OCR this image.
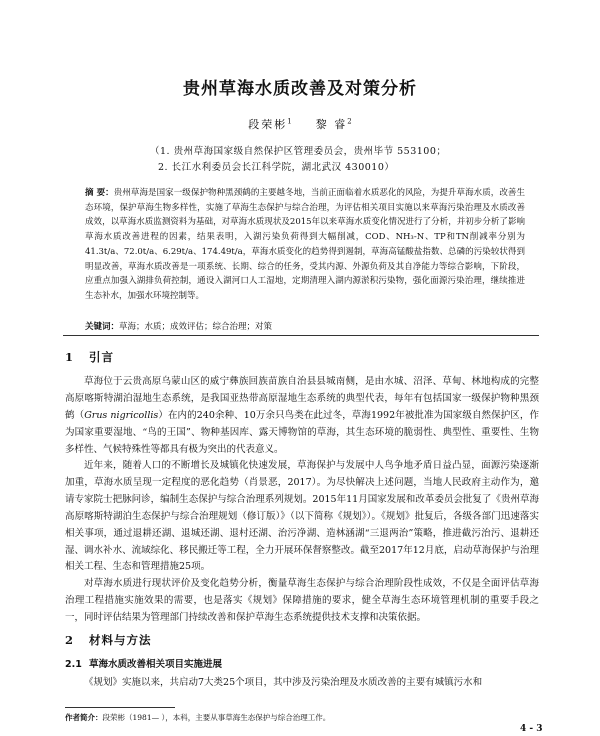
贵州草海水质改善及对策分析
段荣彬$^1$ 黎 睿$^2$
（1. 贵州草海国家级自然保护区管理委员会，贵州毕节 553100；
2. 长江水利委员会长江科学院，湖北武汉 430010）
摘 要：贵州草海是国家一级保护物种黑颈鹤的主要越冬地，当前正面临着水质恶化的风险，为提升草海水质，改善生态环境，保护草海生物多样性，实施了草海生态保护与综合治理，为评估相关项目实施以来草海污染治理及水质改善成效，以草海水质监测资料为基础，对草海水质现状及2015年以来草海水质变化情况进行了分析，并初步分析了影响草海水质改善进程的因素，结果表明，入湖污染负荷得到大幅削减，COD、NH₃-N、TP和TN削减率分别为41.3t/a、72.0t/a、6.29t/a、174.49t/a，草海水质变化的趋势得到遏制，草海高锰酸盐指数、总磷的污染较状得到明显改善，草海水质改善是一项系统、长期、综合的任务，受其内源、外源负荷及其自净能力等综合影响，下阶段，应重点加强入湖排负荷控制，通设入湖河口人工湿地，定期清理入湖内源淤积污染物，强化面源污染治理，继续推进生态补水，加强水环境控制等。
关键词：草海；水质；成效评估；综合治理；对策
1 引言
草海位于云贵高原乌蒙山区的威宁彝族回族苗族自治县县城南侧，是由水城、沼泽、草甸、林地构成的完整高原喀斯特湖泊湿地生态系统，是我国亚热带高原湿地生态系统的典型代表，每年有包括国家一级保护物种黑颈鹤（Grus nigricollis）在内的240余种、10万余只鸟类在此过冬，草海1992年被批准为国家级自然保护区，作为国家重要湿地、“鸟的王国”、物种基因库、露天博物馆的草海，其生态环境的脆弱性、典型性、重要性、生物多样性、气候特殊性等都具有极为突出的代表意义。
近年来，随着人口的不断增长及城镇化快速发展，草海保护与发展中人鸟争地矛盾日益凸显，面源污染逐渐加重，草海水质呈现一定程度的恶化趋势（肖景恶，2017）。为尽快解决上述问题，当地人民政府主动作为，邀请专家院士把脉问诊，编制生态保护与综合治理系列规划。2015年11月国家发展和改革委员会批复了《贵州草海高原喀斯特湖泊生态保护与综合治理规划（修订版）》（以下简称《规划》）。《规划》批复后，各级各部门迅速落实相关事项，通过退耕还湖、退城还湖、退村还湖、治污净湖、造林涵湖“三退两治”策略，推进截污治污、退耕还湿、调水补水、流域综化、移民搬迁等工程，全力开展环保督察整改。截至2017年12月底，启动草海保护与治理相关工程、生态和管理措施25项。
对草海水质进行现状评价及变化趋势分析，衡量草海生态保护与综合治理阶段性成效，不仅是全面评估草海治理工程措施实施效果的需要，也是落实《规划》保障措施的要求，健全草海生态环境管理机制的重要手段之一，同时评估结果为管理部门持续改善和保护草海生态系统提供技术支撑和决策依据。
2 材料与方法
2.1 草海水质改善相关项目实施进展
《规划》实施以来，共启动7大类25个项目，其中涉及污染治理及水质改善的主要有城镇污水和
作者简介：段荣彬（1981— ），本科，主要从事草海生态保护与综合治理工作。
4 - 3
